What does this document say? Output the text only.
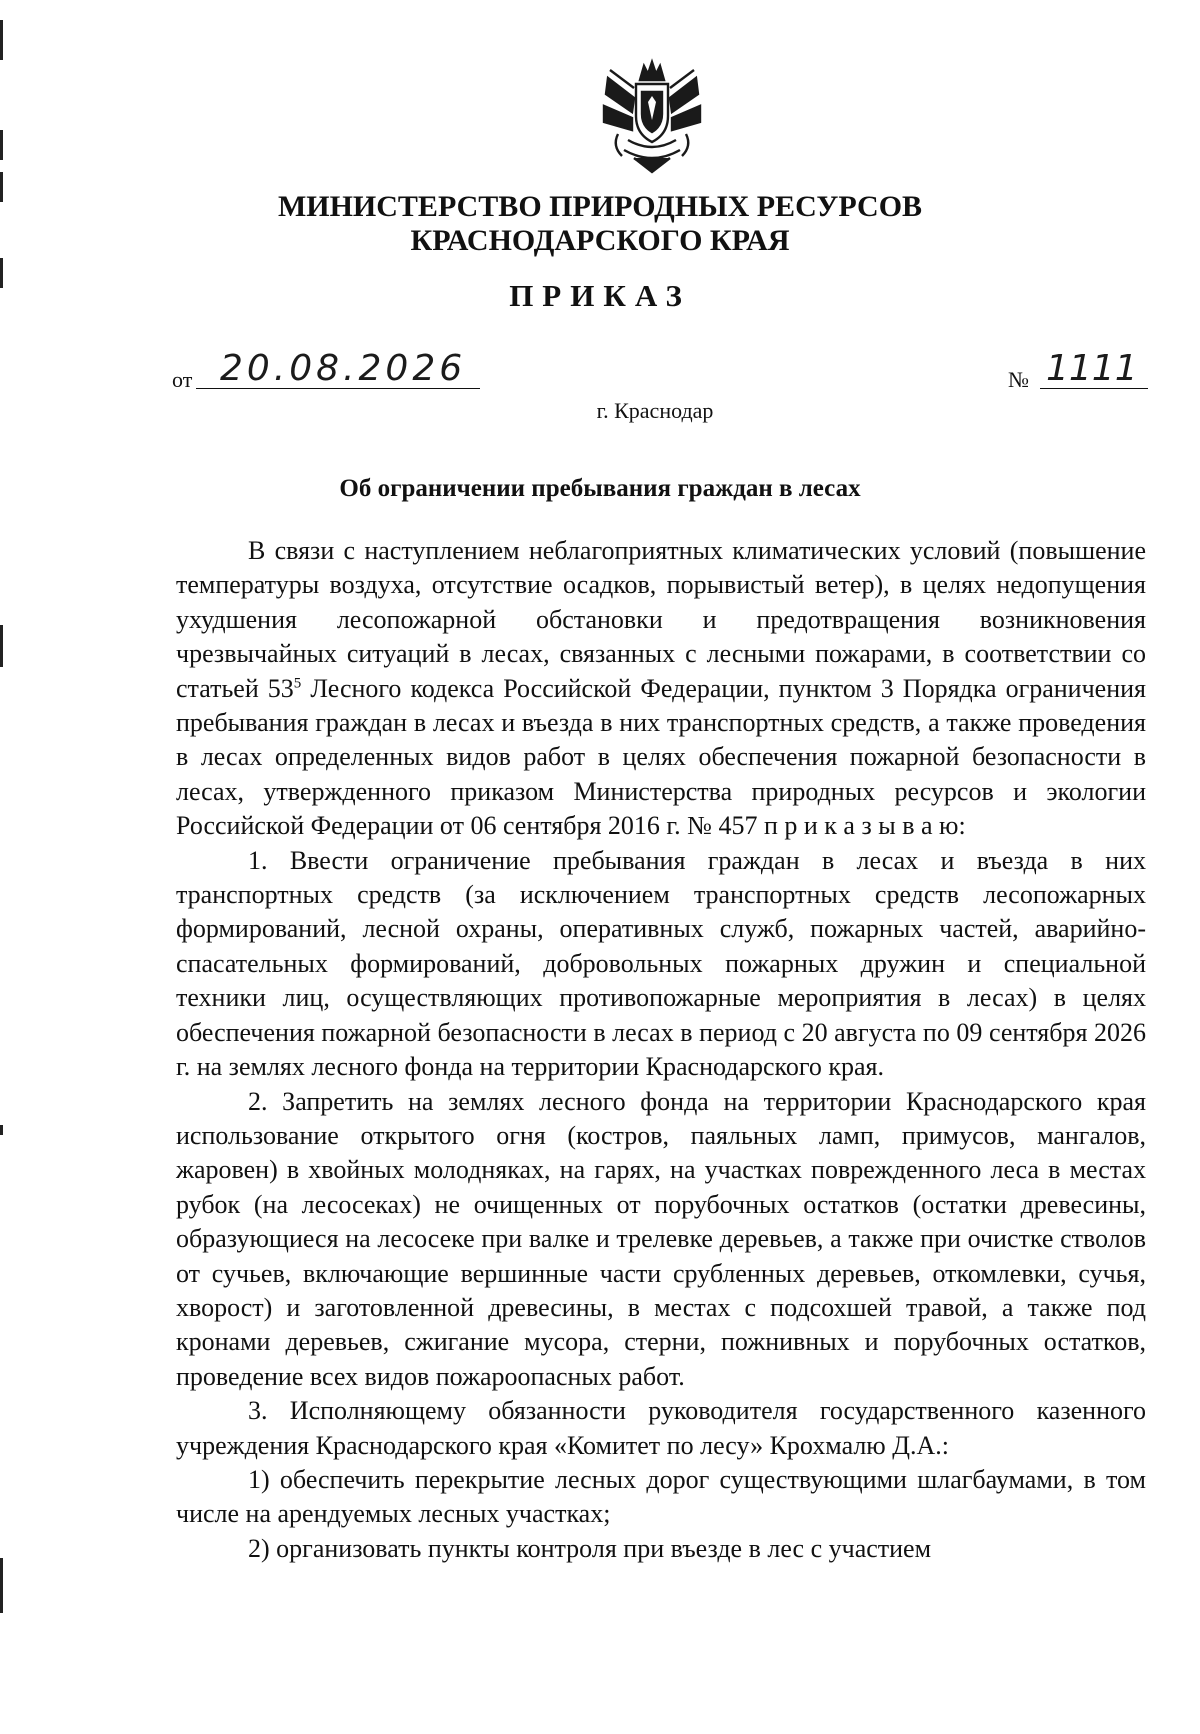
МИНИСТЕРСТВО ПРИРОДНЫХ РЕСУРСОВ
КРАСНОДАРСКОГО КРАЯ
ПРИКАЗ
от 20.08.2026	№ 1111
г. Краснодар
Об ограничении пребывания граждан в лесах

В связи с наступлением неблагоприятных климатических условий (повышение температуры воздуха, отсутствие осадков, порывистый ветер), в целях недопущения ухудшения лесопожарной обстановки и предотвращения возникновения чрезвычайных ситуаций в лесах, связанных с лесными пожарами, в соответствии со статьей $53^5$ Лесного кодекса Российской Федерации, пунктом 3 Порядка ограничения пребывания граждан в лесах и въезда в них транспортных средств, а также проведения в лесах определенных видов работ в целях обеспечения пожарной безопасности в лесах, утвержденного приказом Министерства природных ресурсов и экологии Российской Федерации от 06 сентября 2016 г. № 457 п р и к а з ы в а ю:

1. Ввести ограничение пребывания граждан в лесах и въезда в них транспортных средств (за исключением транспортных средств лесопожарных формирований, лесной охраны, оперативных служб, пожарных частей, аварийно-спасательных формирований, добровольных пожарных дружин и специальной техники лиц, осуществляющих противопожарные мероприятия в лесах) в целях обеспечения пожарной безопасности в лесах в период с 20 августа по 09 сентября 2026 г. на землях лесного фонда на территории Краснодарского края.

2. Запретить на землях лесного фонда на территории Краснодарского края использование открытого огня (костров, паяльных ламп, примусов, мангалов, жаровен) в хвойных молодняках, на гарях, на участках поврежденного леса в местах рубок (на лесосеках) не очищенных от порубочных остатков (остатки древесины, образующиеся на лесосеке при валке и трелевке деревьев, а также при очистке стволов от сучьев, включающие вершинные части срубленных деревьев, откомлевки, сучья, хворост) и заготовленной древесины, в местах с подсохшей травой, а также под кронами деревьев, сжигание мусора, стерни, пожнивных и порубочных остатков, проведение всех видов пожароопасных работ.

3. Исполняющему обязанности руководителя государственного казенного учреждения Краснодарского края «Комитет по лесу» Крохмалю Д.А.:

1) обеспечить перекрытие лесных дорог существующими шлагбаумами, в том числе на арендуемых лесных участках;

2) организовать пункты контроля при въезде в лес с участием
